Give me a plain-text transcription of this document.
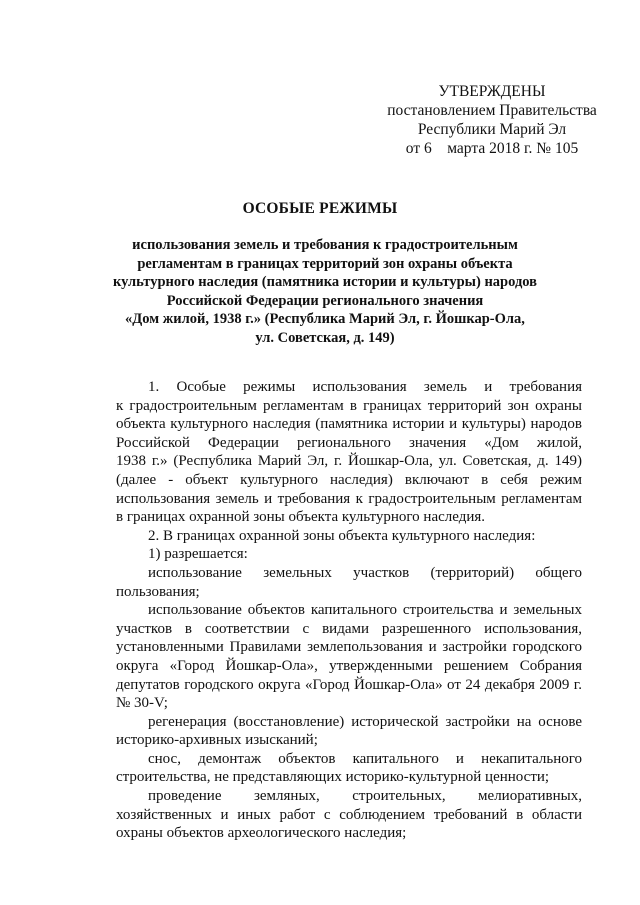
УТВЕРЖДЕНЫ
постановлением Правительства
Республики Марий Эл
от 6    марта 2018 г. № 105
ОСОБЫЕ РЕЖИМЫ
использования земель и требования к градостроительным
регламентам в границах территорий зон охраны объекта
культурного наследия (памятника истории и культуры) народов
Российской Федерации регионального значения
«Дом жилой, 1938 г.» (Республика Марий Эл, г. Йошкар-Ола,
ул. Советская, д. 149)

1. Особые режимы использования земель и требования
к градостроительным регламентам в границах территорий зон охраны
объекта культурного наследия (памятника истории и культуры) народов
Российской Федерации регионального значения «Дом жилой,
1938 г.» (Республика Марий Эл, г. Йошкар-Ола, ул. Советская, д. 149)
(далее - объект культурного наследия) включают в себя режим
использования земель и требования к градостроительным регламентам
в границах охранной зоны объекта культурного наследия.

2. В границах охранной зоны объекта культурного наследия:

1) разрешается:

использование земельных участков (территорий) общего
пользования;

использование объектов капитального строительства и земельных
участков в соответствии с видами разрешенного использования,
установленными Правилами землепользования и застройки городского
округа «Город Йошкар-Ола», утвержденными решением Собрания
депутатов городского округа «Город Йошкар-Ола» от 24 декабря 2009 г.
№ 30-V;

регенерация (восстановление) исторической застройки на основе
историко-архивных изысканий;

снос, демонтаж объектов капитального и некапитального
строительства, не представляющих историко-культурной ценности;

проведение земляных, строительных, мелиоративных,
хозяйственных и иных работ с соблюдением требований в области
охраны объектов археологического наследия;
